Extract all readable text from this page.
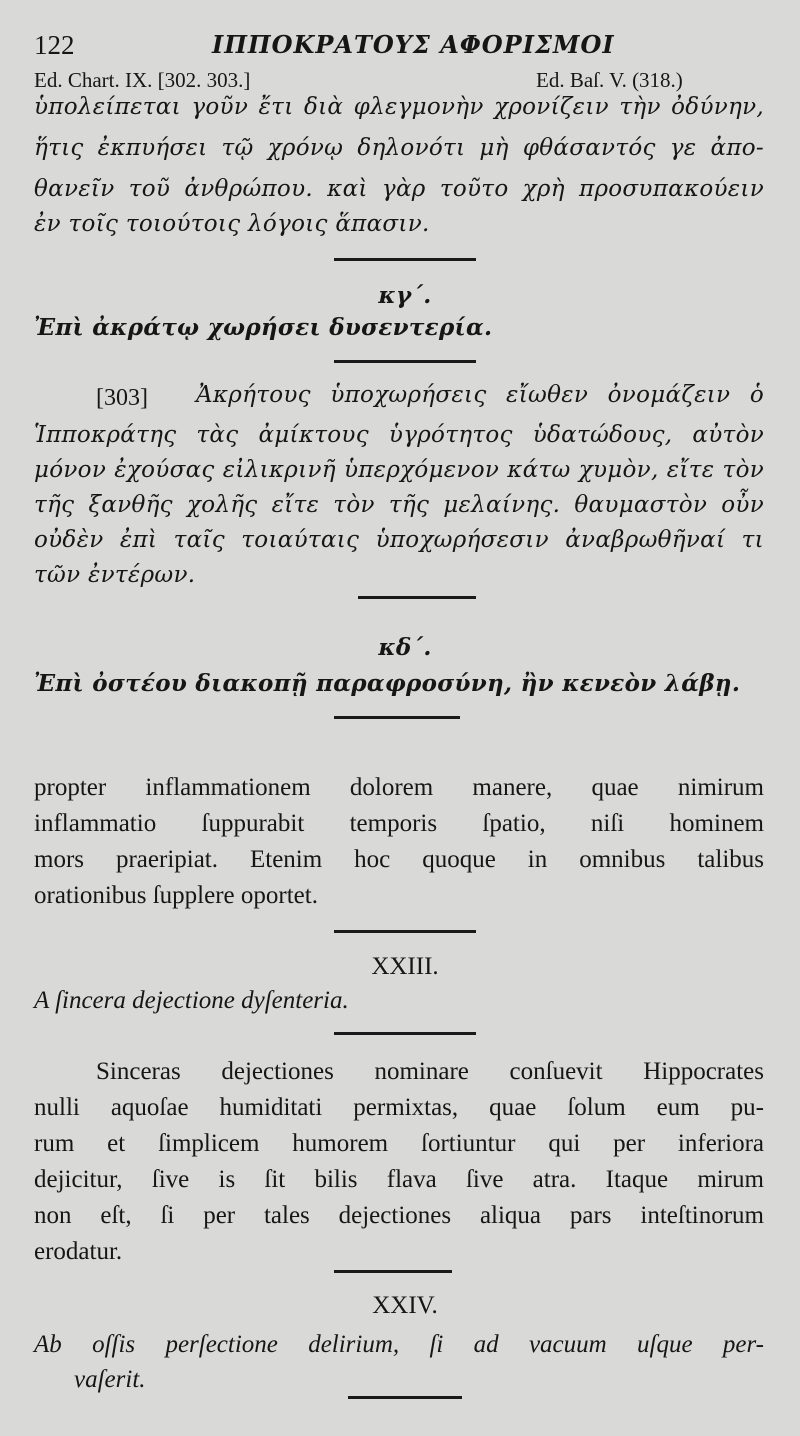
122	ΙΠΠΟΚΡΑΤΟΥΣ ΑΦΟΡΙΣΜΟΙ
Ed. Chart. IX. [302. 303.]	Ed. Baſ. V. (318.)
ὑπολείπεται γοῦν ἔτι διὰ φλεγμονὴν χρονίζειν τὴν ὀδύνην,
ἥτις ἐκπυήσει τῷ χρόνῳ δηλονότι μὴ φθάσαντός γε ἀπο-
θανεῖν τοῦ ἀνθρώπου. καὶ γὰρ τοῦτο χρὴ προσυπακούειν
ἐν τοῖς τοιούτοις λόγοις ἅπασιν.
κγ΄.
Ἐπὶ ἀκράτῳ χωρήσει δυσεντερία.
[303] Ἀκρήτους ὑποχωρήσεις εἴωθεν ὀνομάζειν ὁ
Ἱπποκράτης τὰς ἀμίκτους ὑγρότητος ὑδατώδους, αὐτὸν
μόνον ἐχούσας εἰλικρινῆ ὑπερχόμενον κάτω χυμὸν, εἴτε τὸν
τῆς ξανθῆς χολῆς εἴτε τὸν τῆς μελαίνης. θαυμαστὸν οὖν
οὐδὲν ἐπὶ ταῖς τοιαύταις ὑποχωρήσεσιν ἀναβρωθῆναί τι
τῶν ἐντέρων.
κδ΄.
Ἐπὶ ὀστέου διακοπῇ παραφροσύνη, ἢν κενεὸν λάβῃ.
propter inflammationem dolorem manere, quae nimirum
inflammatio ſuppurabit temporis ſpatio, niſi hominem
mors praeripiat. Etenim hoc quoque in omnibus talibus
orationibus ſupplere oportet.
XXIII.
A ſincera dejectione dyſenteria.
Sinceras dejectiones nominare conſuevit Hippocrates
nulli aquoſae humiditati permixtas, quae ſolum eum pu-
rum et ſimplicem humorem ſortiuntur qui per inferiora
dejicitur, ſive is ſit bilis flava ſive atra. Itaque mirum
non eſt, ſi per tales dejectiones aliqua pars inteſtinorum
erodatur.
XXIV.
Ab oſſis perſectione delirium, ſi ad vacuum uſque per-
vaſerit.
